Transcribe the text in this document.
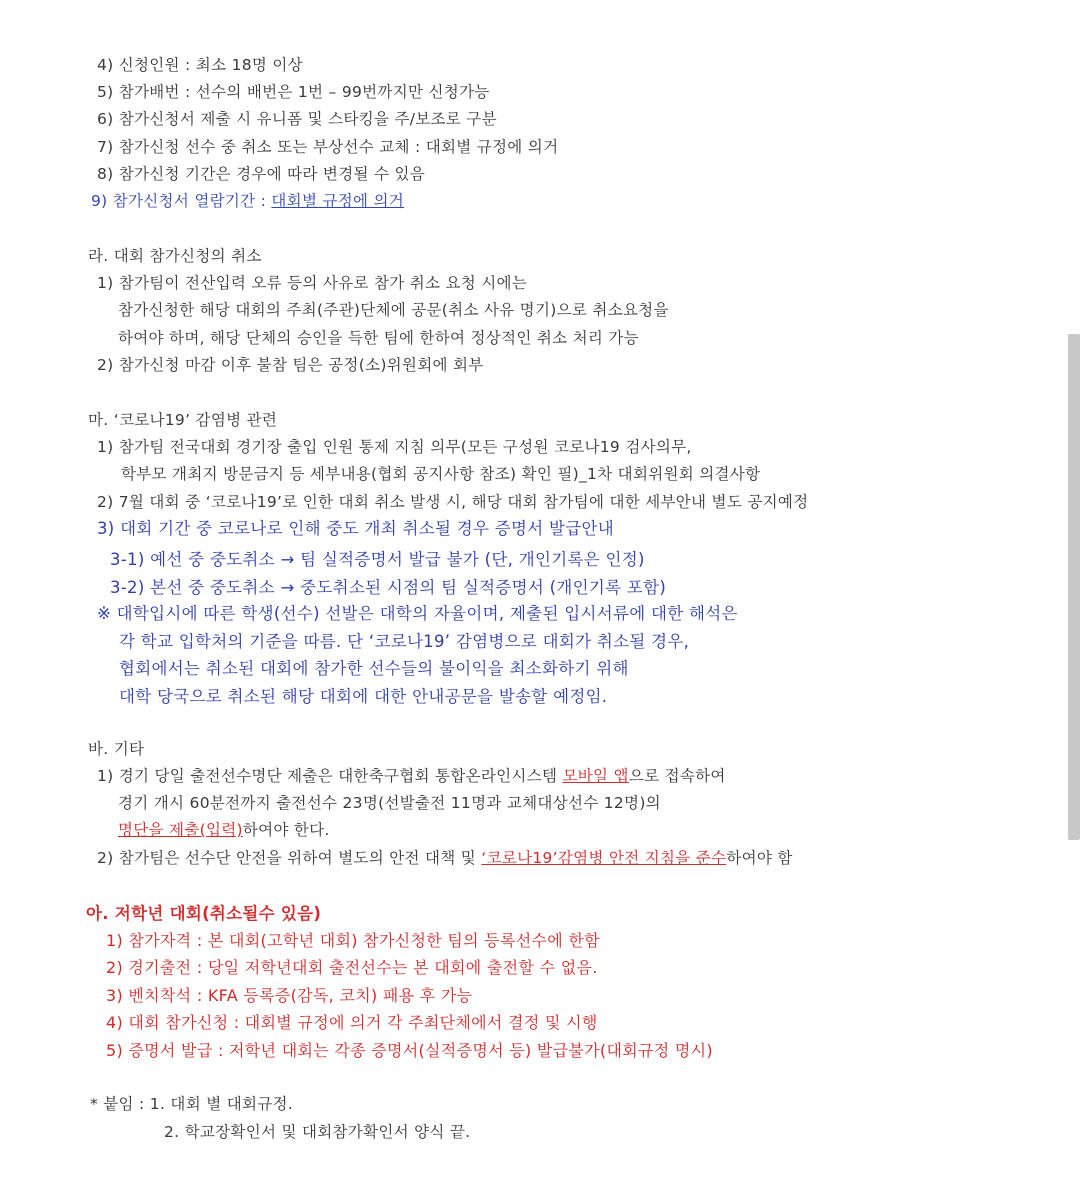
4) 신청인원 : 최소 18명 이상
5) 참가배번 : 선수의 배번은 1번 – 99번까지만 신청가능
6) 참가신청서 제출 시 유니폼 및 스타킹을 주/보조로 구분
7) 참가신청 선수 중 취소 또는 부상선수 교체 : 대회별 규정에 의거
8) 참가신청 기간은 경우에 따라 변경될 수 있음
9) 참가신청서 열람기간 : 대회별 규정에 의거
라. 대회 참가신청의 취소
1) 참가팀이 전산입력 오류 등의 사유로 참가 취소 요청 시에는
참가신청한 해당 대회의 주최(주관)단체에 공문(취소 사유 명기)으로 취소요청을
하여야 하며, 해당 단체의 승인을 득한 팀에 한하여 정상적인 취소 처리 가능
2) 참가신청 마감 이후 불참 팀은 공정(소)위원회에 회부
마. ‘코로나19’ 감염병 관련
1) 참가팀 전국대회 경기장 출입 인원 통제 지침 의무(모든 구성원 코로나19 검사의무,
학부모 개최지 방문금지 등 세부내용(협회 공지사항 참조) 확인 필)_1차 대회위원회 의결사항
2) 7월 대회 중 ‘코로나19’로 인한 대회 취소 발생 시, 해당 대회 참가팀에 대한 세부안내 별도 공지예정
3) 대회 기간 중 코로나로 인해 중도 개최 취소될 경우 증명서 발급안내
3-1) 예선 중 중도취소 → 팀 실적증명서 발급 불가 (단, 개인기록은 인정)
3-2) 본선 중 중도취소 → 중도취소된 시점의 팀 실적증명서 (개인기록 포함)
※ 대학입시에 따른 학생(선수) 선발은 대학의 자율이며, 제출된 입시서류에 대한 해석은
각 학교 입학처의 기준을 따름. 단 ‘코로나19’ 감염병으로 대회가 취소될 경우,
협회에서는 취소된 대회에 참가한 선수들의 불이익을 최소화하기 위해
대학 당국으로 취소된 해당 대회에 대한 안내공문을 발송할 예정임.
바. 기타
1) 경기 당일 출전선수명단 제출은 대한축구협회 통합온라인시스템 모바일 앱으로 접속하여
경기 개시 60분전까지 출전선수 23명(선발출전 11명과 교체대상선수 12명)의
명단을 제출(입력)하여야 한다.
2) 참가팀은 선수단 안전을 위하여 별도의 안전 대책 및 ‘코로나19’감염병 안전 지침을 준수하여야 함
아. 저학년 대회(취소될수 있음)
1) 참가자격 : 본 대회(고학년 대회) 참가신청한 팀의 등록선수에 한함
2) 경기출전 : 당일 저학년대회 출전선수는 본 대회에 출전할 수 없음.
3) 벤치착석 : KFA 등록증(감독, 코치) 패용 후 가능
4) 대회 참가신청 : 대회별 규정에 의거 각 주최단체에서 결정 및 시행
5) 증명서 발급 : 저학년 대회는 각종 증명서(실적증명서 등) 발급불가(대회규정 명시)
* 붙임 : 1. 대회 별 대회규정.
2. 학교장확인서 및 대회참가확인서 양식 끝.
